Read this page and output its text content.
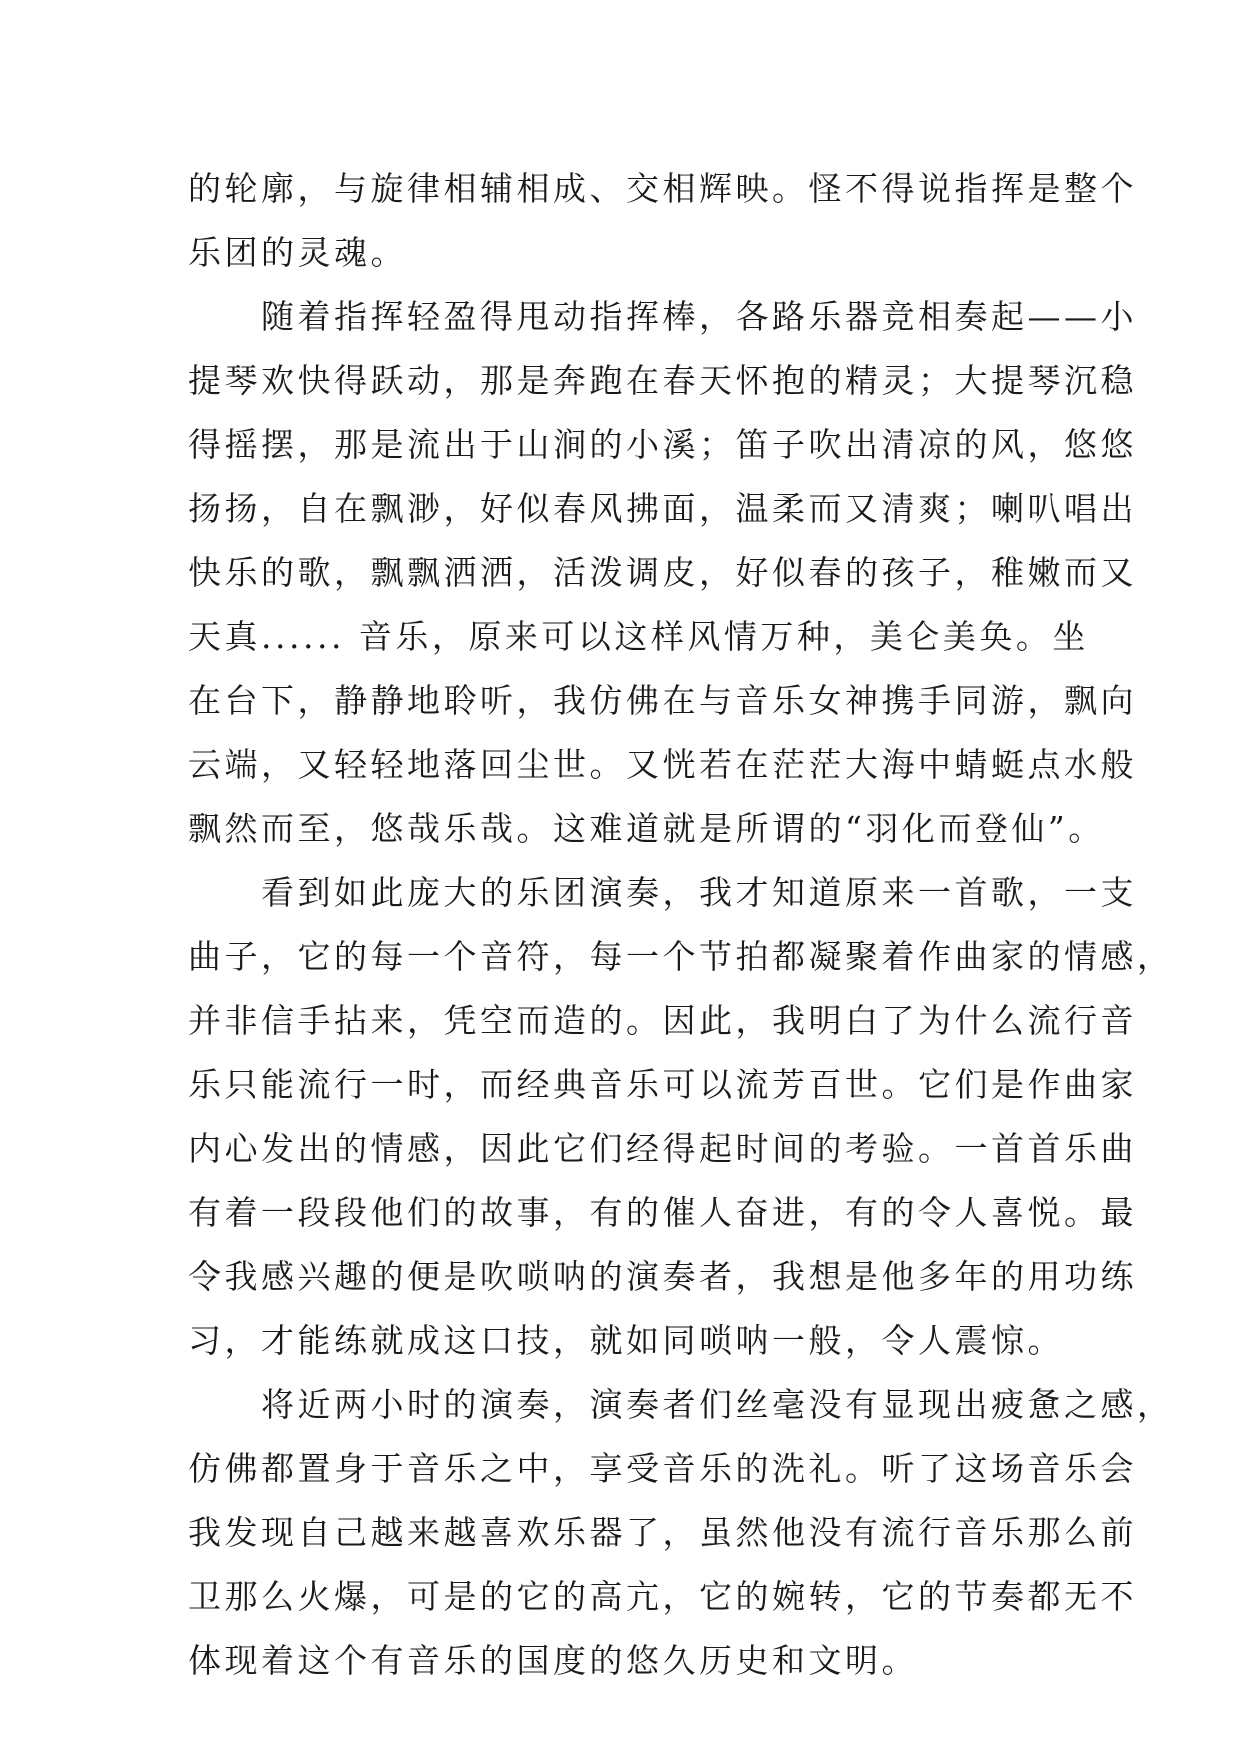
的轮廓，与旋律相辅相成、交相辉映。怪不得说指挥是整个
乐团的灵魂。
　　随着指挥轻盈得甩动指挥棒，各路乐器竞相奏起——小
提琴欢快得跃动，那是奔跑在春天怀抱的精灵；大提琴沉稳
得摇摆，那是流出于山涧的小溪；笛子吹出清凉的风，悠悠
扬扬，自在飘渺，好似春风拂面，温柔而又清爽；喇叭唱出
快乐的歌，飘飘洒洒，活泼调皮，好似春的孩子，稚嫩而又
天真...... 音乐，原来可以这样风情万种，美仑美奂。坐
在台下，静静地聆听，我仿佛在与音乐女神携手同游，飘向
云端，又轻轻地落回尘世。又恍若在茫茫大海中蜻蜓点水般
飘然而至，悠哉乐哉。这难道就是所谓的“羽化而登仙”。
　　看到如此庞大的乐团演奏，我才知道原来一首歌，一支
曲子，它的每一个音符，每一个节拍都凝聚着作曲家的情感，
并非信手拈来，凭空而造的。因此，我明白了为什么流行音
乐只能流行一时，而经典音乐可以流芳百世。它们是作曲家
内心发出的情感，因此它们经得起时间的考验。一首首乐曲
有着一段段他们的故事，有的催人奋进，有的令人喜悦。最
令我感兴趣的便是吹唢呐的演奏者，我想是他多年的用功练
习，才能练就成这口技，就如同唢呐一般，令人震惊。
　　将近两小时的演奏，演奏者们丝毫没有显现出疲惫之感，
仿佛都置身于音乐之中，享受音乐的洗礼。听了这场音乐会
我发现自己越来越喜欢乐器了，虽然他没有流行音乐那么前
卫那么火爆，可是的它的高亢，它的婉转，它的节奏都无不
体现着这个有音乐的国度的悠久历史和文明。
